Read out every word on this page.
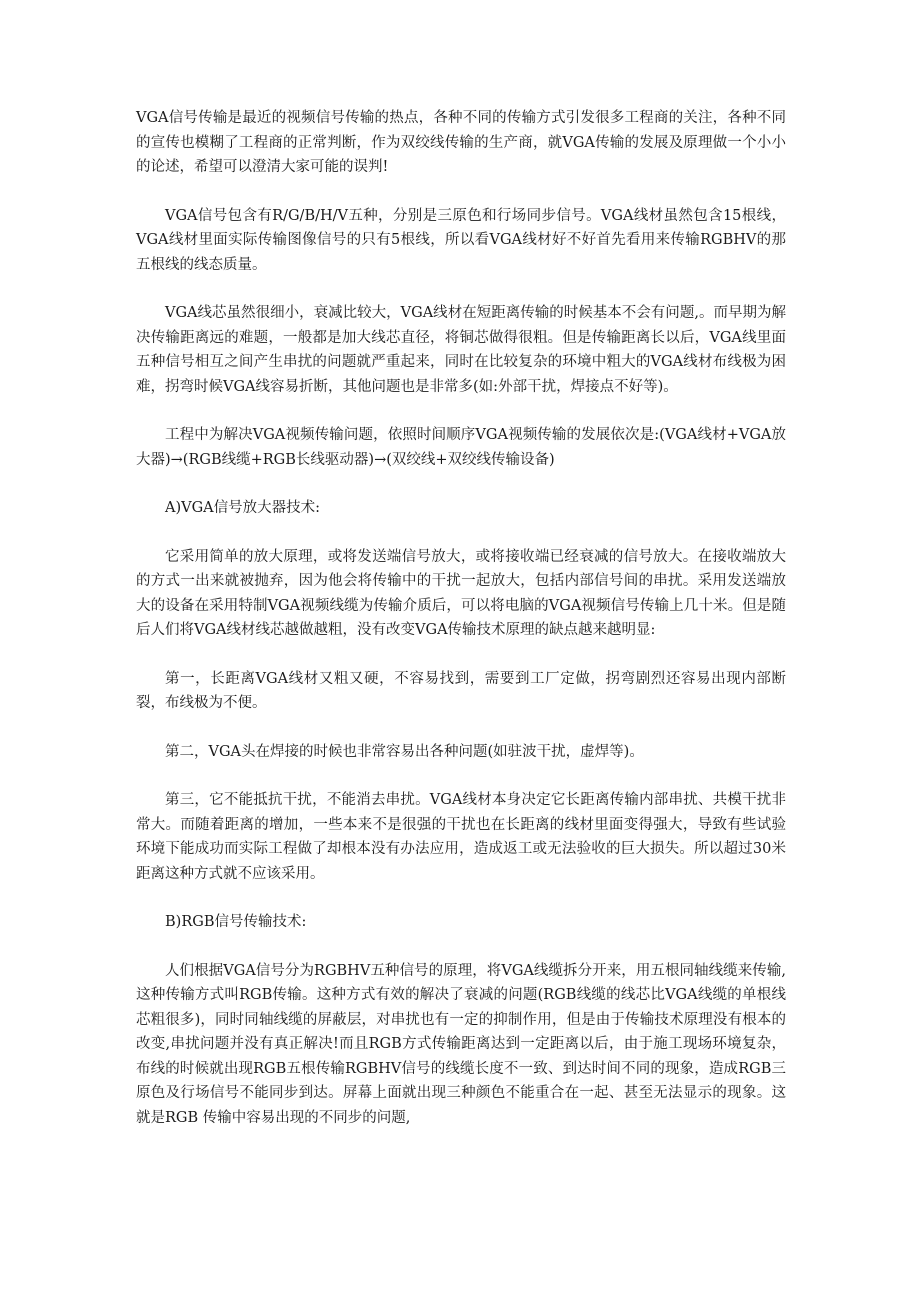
VGA信号传输是最近的视频信号传输的热点，各种不同的传输方式引发很多工程商的关注，各种不同的宣传也模糊了工程商的正常判断，作为双绞线传输的生产商，就VGA传输的发展及原理做一个小小的论述，希望可以澄清大家可能的误判!

VGA信号包含有R/G/B/H/V五种，分别是三原色和行场同步信号。VGA线材虽然包含15根线，VGA线材里面实际传输图像信号的只有5根线，所以看VGA线材好不好首先看用来传输RGBHV的那五根线的线态质量。

VGA线芯虽然很细小，衰减比较大，VGA线材在短距离传输的时候基本不会有问题,。而早期为解决传输距离远的难题，一般都是加大线芯直径，将铜芯做得很粗。但是传输距离长以后，VGA线里面五种信号相互之间产生串扰的问题就严重起来，同时在比较复杂的环境中粗大的VGA线材布线极为困难，拐弯时候VGA线容易折断，其他问题也是非常多(如:外部干扰，焊接点不好等)。

工程中为解决VGA视频传输问题，依照时间顺序VGA视频传输的发展依次是:(VGA线材+VGA放大器)→(RGB线缆+RGB长线驱动器)→(双绞线+双绞线传输设备)

A)VGA信号放大器技术:

它采用简单的放大原理，或将发送端信号放大，或将接收端已经衰减的信号放大。在接收端放大的方式一出来就被抛弃，因为他会将传输中的干扰一起放大，包括内部信号间的串扰。采用发送端放大的设备在采用特制VGA视频线缆为传输介质后，可以将电脑的VGA视频信号传输上几十米。但是随后人们将VGA线材线芯越做越粗，没有改变VGA传输技术原理的缺点越来越明显:

第一，长距离VGA线材又粗又硬，不容易找到，需要到工厂定做，拐弯剧烈还容易出现内部断裂，布线极为不便。

第二，VGA头在焊接的时候也非常容易出各种问题(如驻波干扰，虚焊等)。

第三，它不能抵抗干扰，不能消去串扰。VGA线材本身决定它长距离传输内部串扰、共模干扰非常大。而随着距离的增加，一些本来不是很强的干扰也在长距离的线材里面变得强大，导致有些试验环境下能成功而实际工程做了却根本没有办法应用，造成返工或无法验收的巨大损失。所以超过30米距离这种方式就不应该采用。

B)RGB信号传输技术:

人们根据VGA信号分为RGBHV五种信号的原理，将VGA线缆拆分开来，用五根同轴线缆来传输,这种传输方式叫RGB传输。这种方式有效的解决了衰减的问题(RGB线缆的线芯比VGA线缆的单根线芯粗很多)，同时同轴线缆的屏蔽层，对串扰也有一定的抑制作用，但是由于传输技术原理没有根本的改变,串扰问题并没有真正解决!而且RGB方式传输距离达到一定距离以后，由于施工现场环境复杂，布线的时候就出现RGB五根传输RGBHV信号的线缆长度不一致、到达时间不同的现象，造成RGB三原色及行场信号不能同步到达。屏幕上面就出现三种颜色不能重合在一起、甚至无法显示的现象。这就是RGB 传输中容易出现的不同步的问题,
